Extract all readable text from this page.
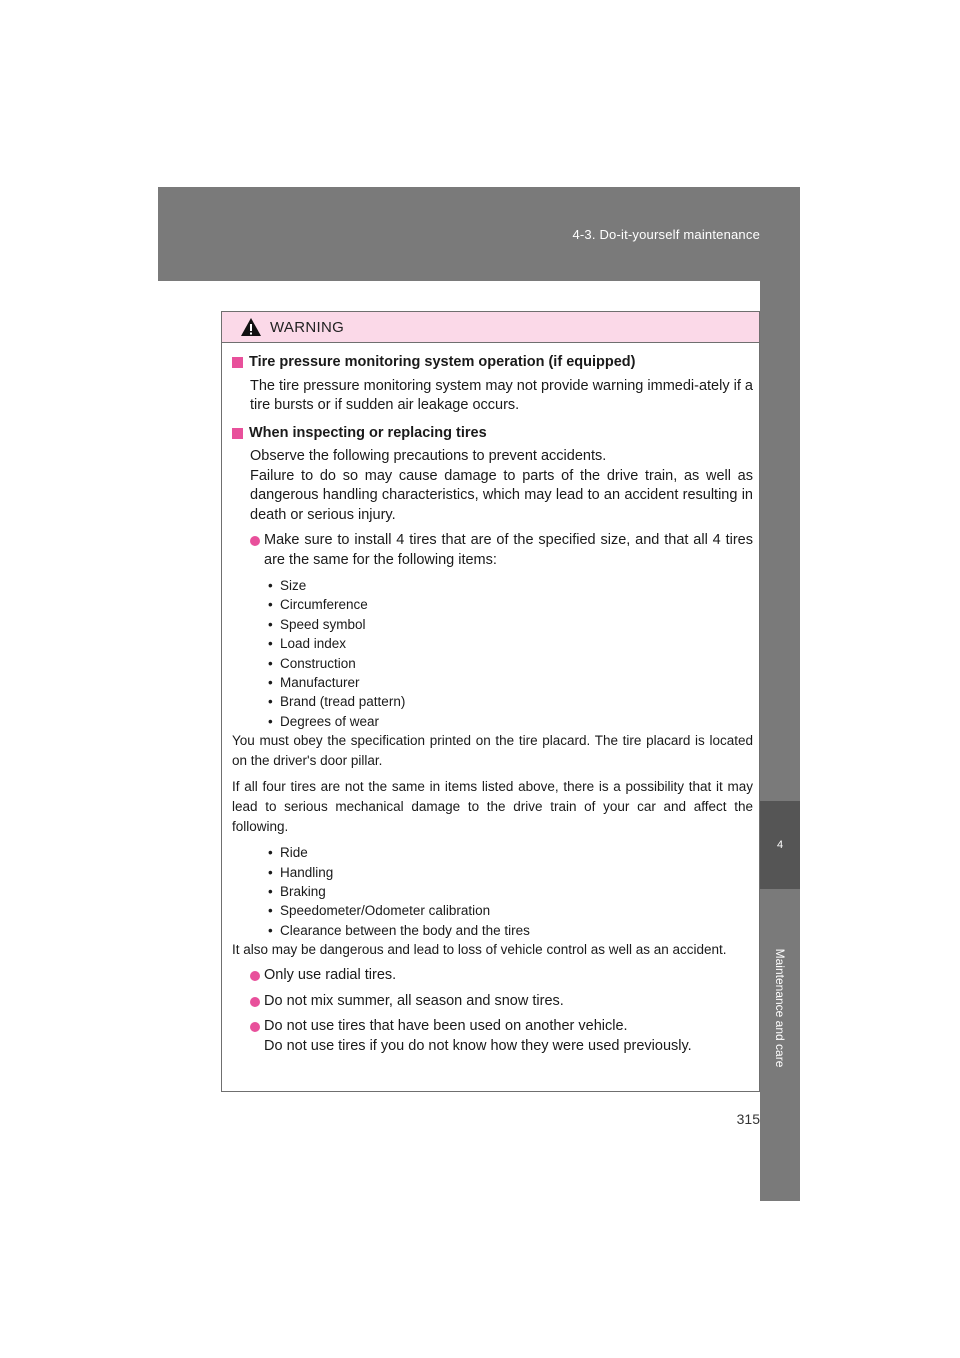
4-3. Do-it-yourself maintenance
4
Maintenance and care
WARNING
Tire pressure monitoring system operation (if equipped)
The tire pressure monitoring system may not provide warning immedi-ately if a tire bursts or if sudden air leakage occurs.
When inspecting or replacing tires
Observe the following precautions to prevent accidents.
Failure to do so may cause damage to parts of the drive train, as well as dangerous handling characteristics, which may lead to an accident resulting in death or serious injury.
Make sure to install 4 tires that are of the specified size, and that all 4 tires are the same for the following items:
• Size
• Circumference
• Speed symbol
• Load index
• Construction
• Manufacturer
• Brand (tread pattern)
• Degrees of wear
You must obey the specification printed on the tire placard. The tire placard is located on the driver's door pillar.
If all four tires are not the same in items listed above, there is a possibility that it may lead to serious mechanical damage to the drive train of your car and affect the following.
• Ride
• Handling
• Braking
• Speedometer/Odometer calibration
• Clearance between the body and the tires
It also may be dangerous and lead to loss of vehicle control as well as an accident.
Only use radial tires.
Do not mix summer, all season and snow tires.
Do not use tires that have been used on another vehicle.
Do not use tires if you do not know how they were used previously.
315
